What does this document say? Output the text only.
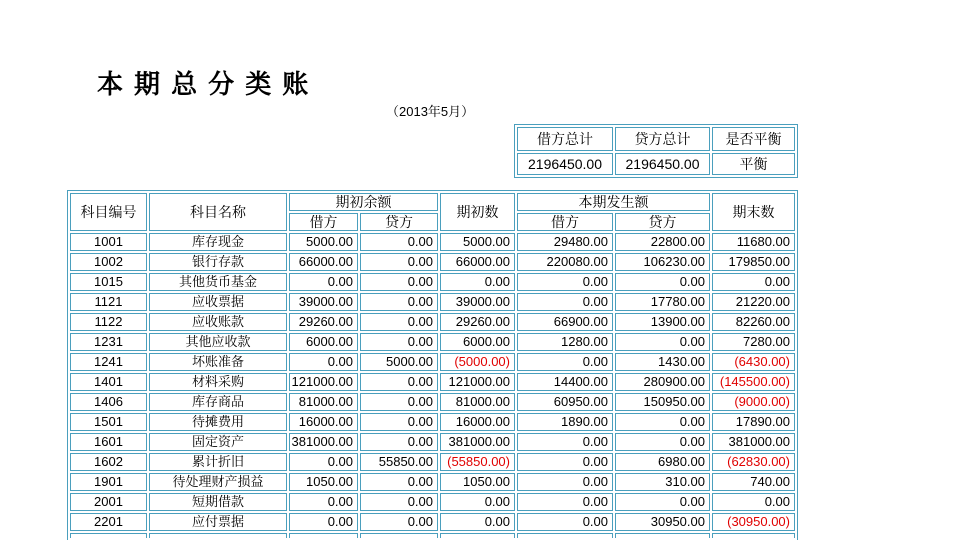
本 期 总 分 类 账
（2013年5月）
借方总计	贷方总计	是否平衡
2196450.00	2196450.00	平衡
科目编号	科目名称	期初余额		期初数	本期发生额		期末数
		借方	贷方		借方	贷方	
1001	库存现金	5000.00	0.00	5000.00	29480.00	22800.00	11680.00
1002	银行存款	66000.00	0.00	66000.00	220080.00	106230.00	179850.00
1015	其他货币基金	0.00	0.00	0.00	0.00	0.00	0.00
1121	应收票据	39000.00	0.00	39000.00	0.00	17780.00	21220.00
1122	应收账款	29260.00	0.00	29260.00	66900.00	13900.00	82260.00
1231	其他应收款	6000.00	0.00	6000.00	1280.00	0.00	7280.00
1241	坏账准备	0.00	5000.00	(5000.00)	0.00	1430.00	(6430.00)
1401	材料采购	121000.00	0.00	121000.00	14400.00	280900.00	(145500.00)
1406	库存商品	81000.00	0.00	81000.00	60950.00	150950.00	(9000.00)
1501	待摊费用	16000.00	0.00	16000.00	1890.00	0.00	17890.00
1601	固定资产	381000.00	0.00	381000.00	0.00	0.00	381000.00
1602	累计折旧	0.00	55850.00	(55850.00)	0.00	6980.00	(62830.00)
1901	待处理财产损益	1050.00	0.00	1050.00	0.00	310.00	740.00
2001	短期借款	0.00	0.00	0.00	0.00	0.00	0.00
2201	应付票据	0.00	0.00	0.00	0.00	30950.00	(30950.00)
